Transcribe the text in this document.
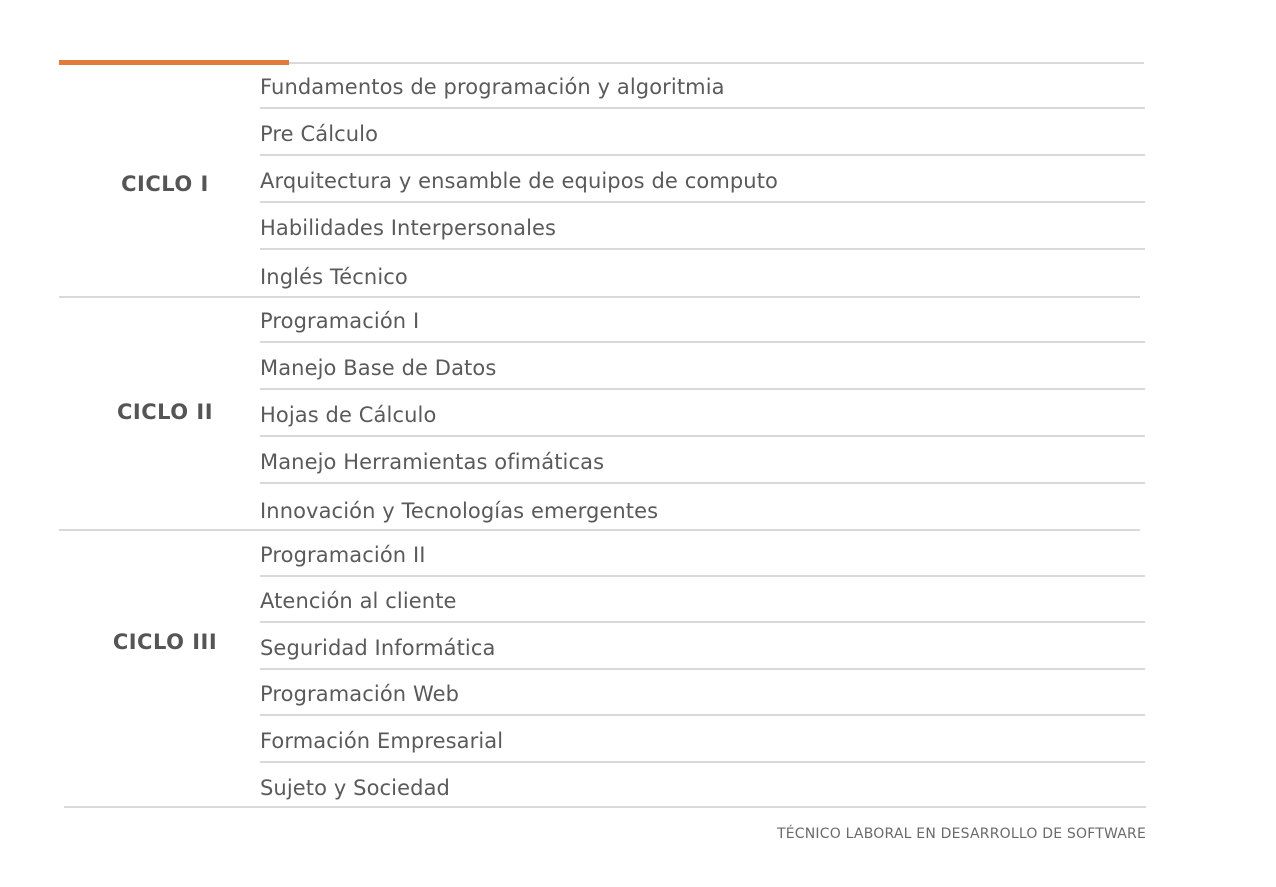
CICLO I
Fundamentos de programación y algoritmia
Pre Cálculo
Arquitectura y ensamble de equipos de computo
Habilidades Interpersonales
Inglés Técnico
CICLO II
Programación I
Manejo Base de Datos
Hojas de Cálculo
Manejo Herramientas ofimáticas
Innovación y Tecnologías emergentes
CICLO III
Programación II
Atención al cliente
Seguridad Informática
Programación Web
Formación Empresarial
Sujeto y Sociedad
TÉCNICO LABORAL EN DESARROLLO DE SOFTWARE
